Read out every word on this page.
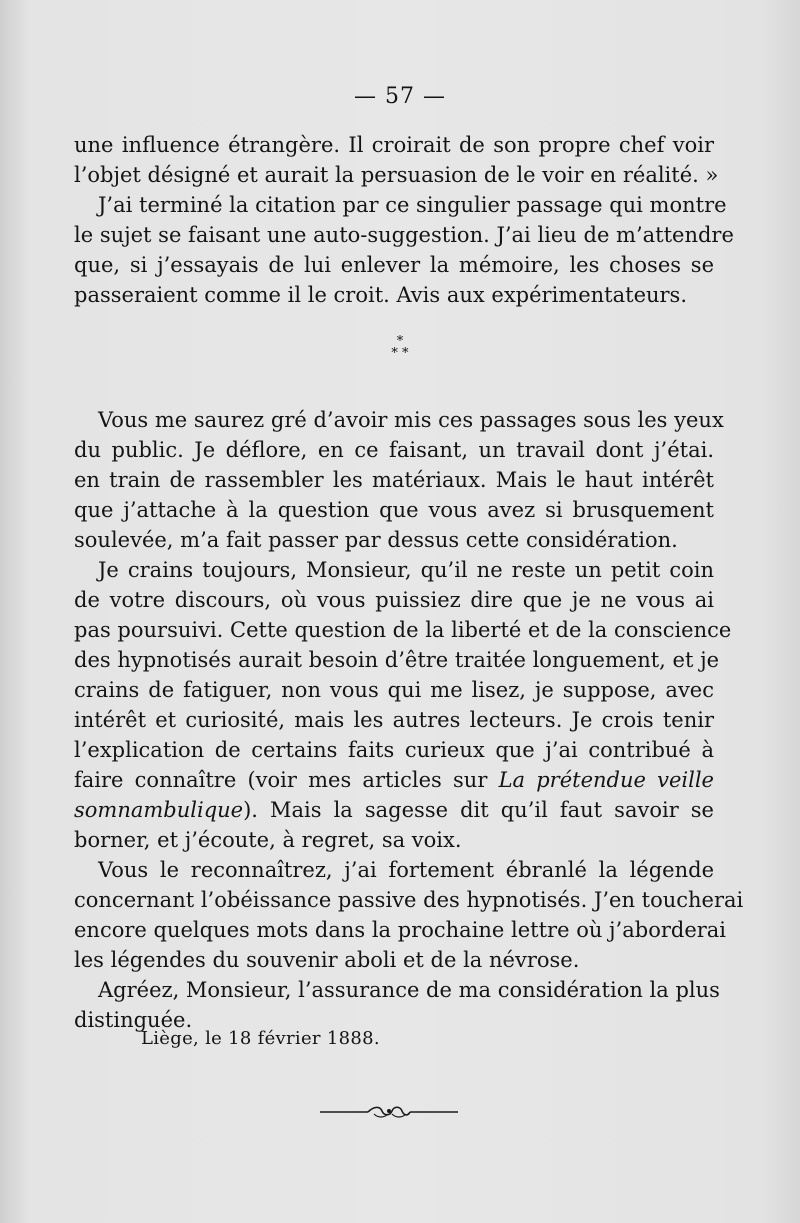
— 57 —
une influence étrangère. Il croirait de son propre chef voir
l’objet désigné et aurait la persuasion de le voir en réalité. »
J’ai terminé la citation par ce singulier passage qui montre
le sujet se faisant une auto-suggestion. J’ai lieu de m’attendre
que, si j’essayais de lui enlever la mémoire, les choses se
passeraient comme il le croit. Avis aux expérimentateurs.
*
* *
Vous me saurez gré d’avoir mis ces passages sous les yeux
du public. Je déflore, en ce faisant, un travail dont j’étai.
en train de rassembler les matériaux. Mais le haut intérêt
que j’attache à la question que vous avez si brusquement
soulevée, m’a fait passer par dessus cette considération.
Je crains toujours, Monsieur, qu’il ne reste un petit coin
de votre discours, où vous puissiez dire que je ne vous ai
pas poursuivi. Cette question de la liberté et de la conscience
des hypnotisés aurait besoin d’être traitée longuement, et je
crains de fatiguer, non vous qui me lisez, je suppose, avec
intérêt et curiosité, mais les autres lecteurs. Je crois tenir
l’explication de certains faits curieux que j’ai contribué à
faire connaître (voir mes articles sur La prétendue veille
somnambulique). Mais la sagesse dit qu’il faut savoir se
borner, et j’écoute, à regret, sa voix.
Vous le reconnaîtrez, j’ai fortement ébranlé la légende
concernant l’obéissance passive des hypnotisés. J’en toucherai
encore quelques mots dans la prochaine lettre où j’aborderai
les légendes du souvenir aboli et de la névrose.
Agréez, Monsieur, l’assurance de ma considération la plus
distinguée.
Liège, le 18 février 1888.
